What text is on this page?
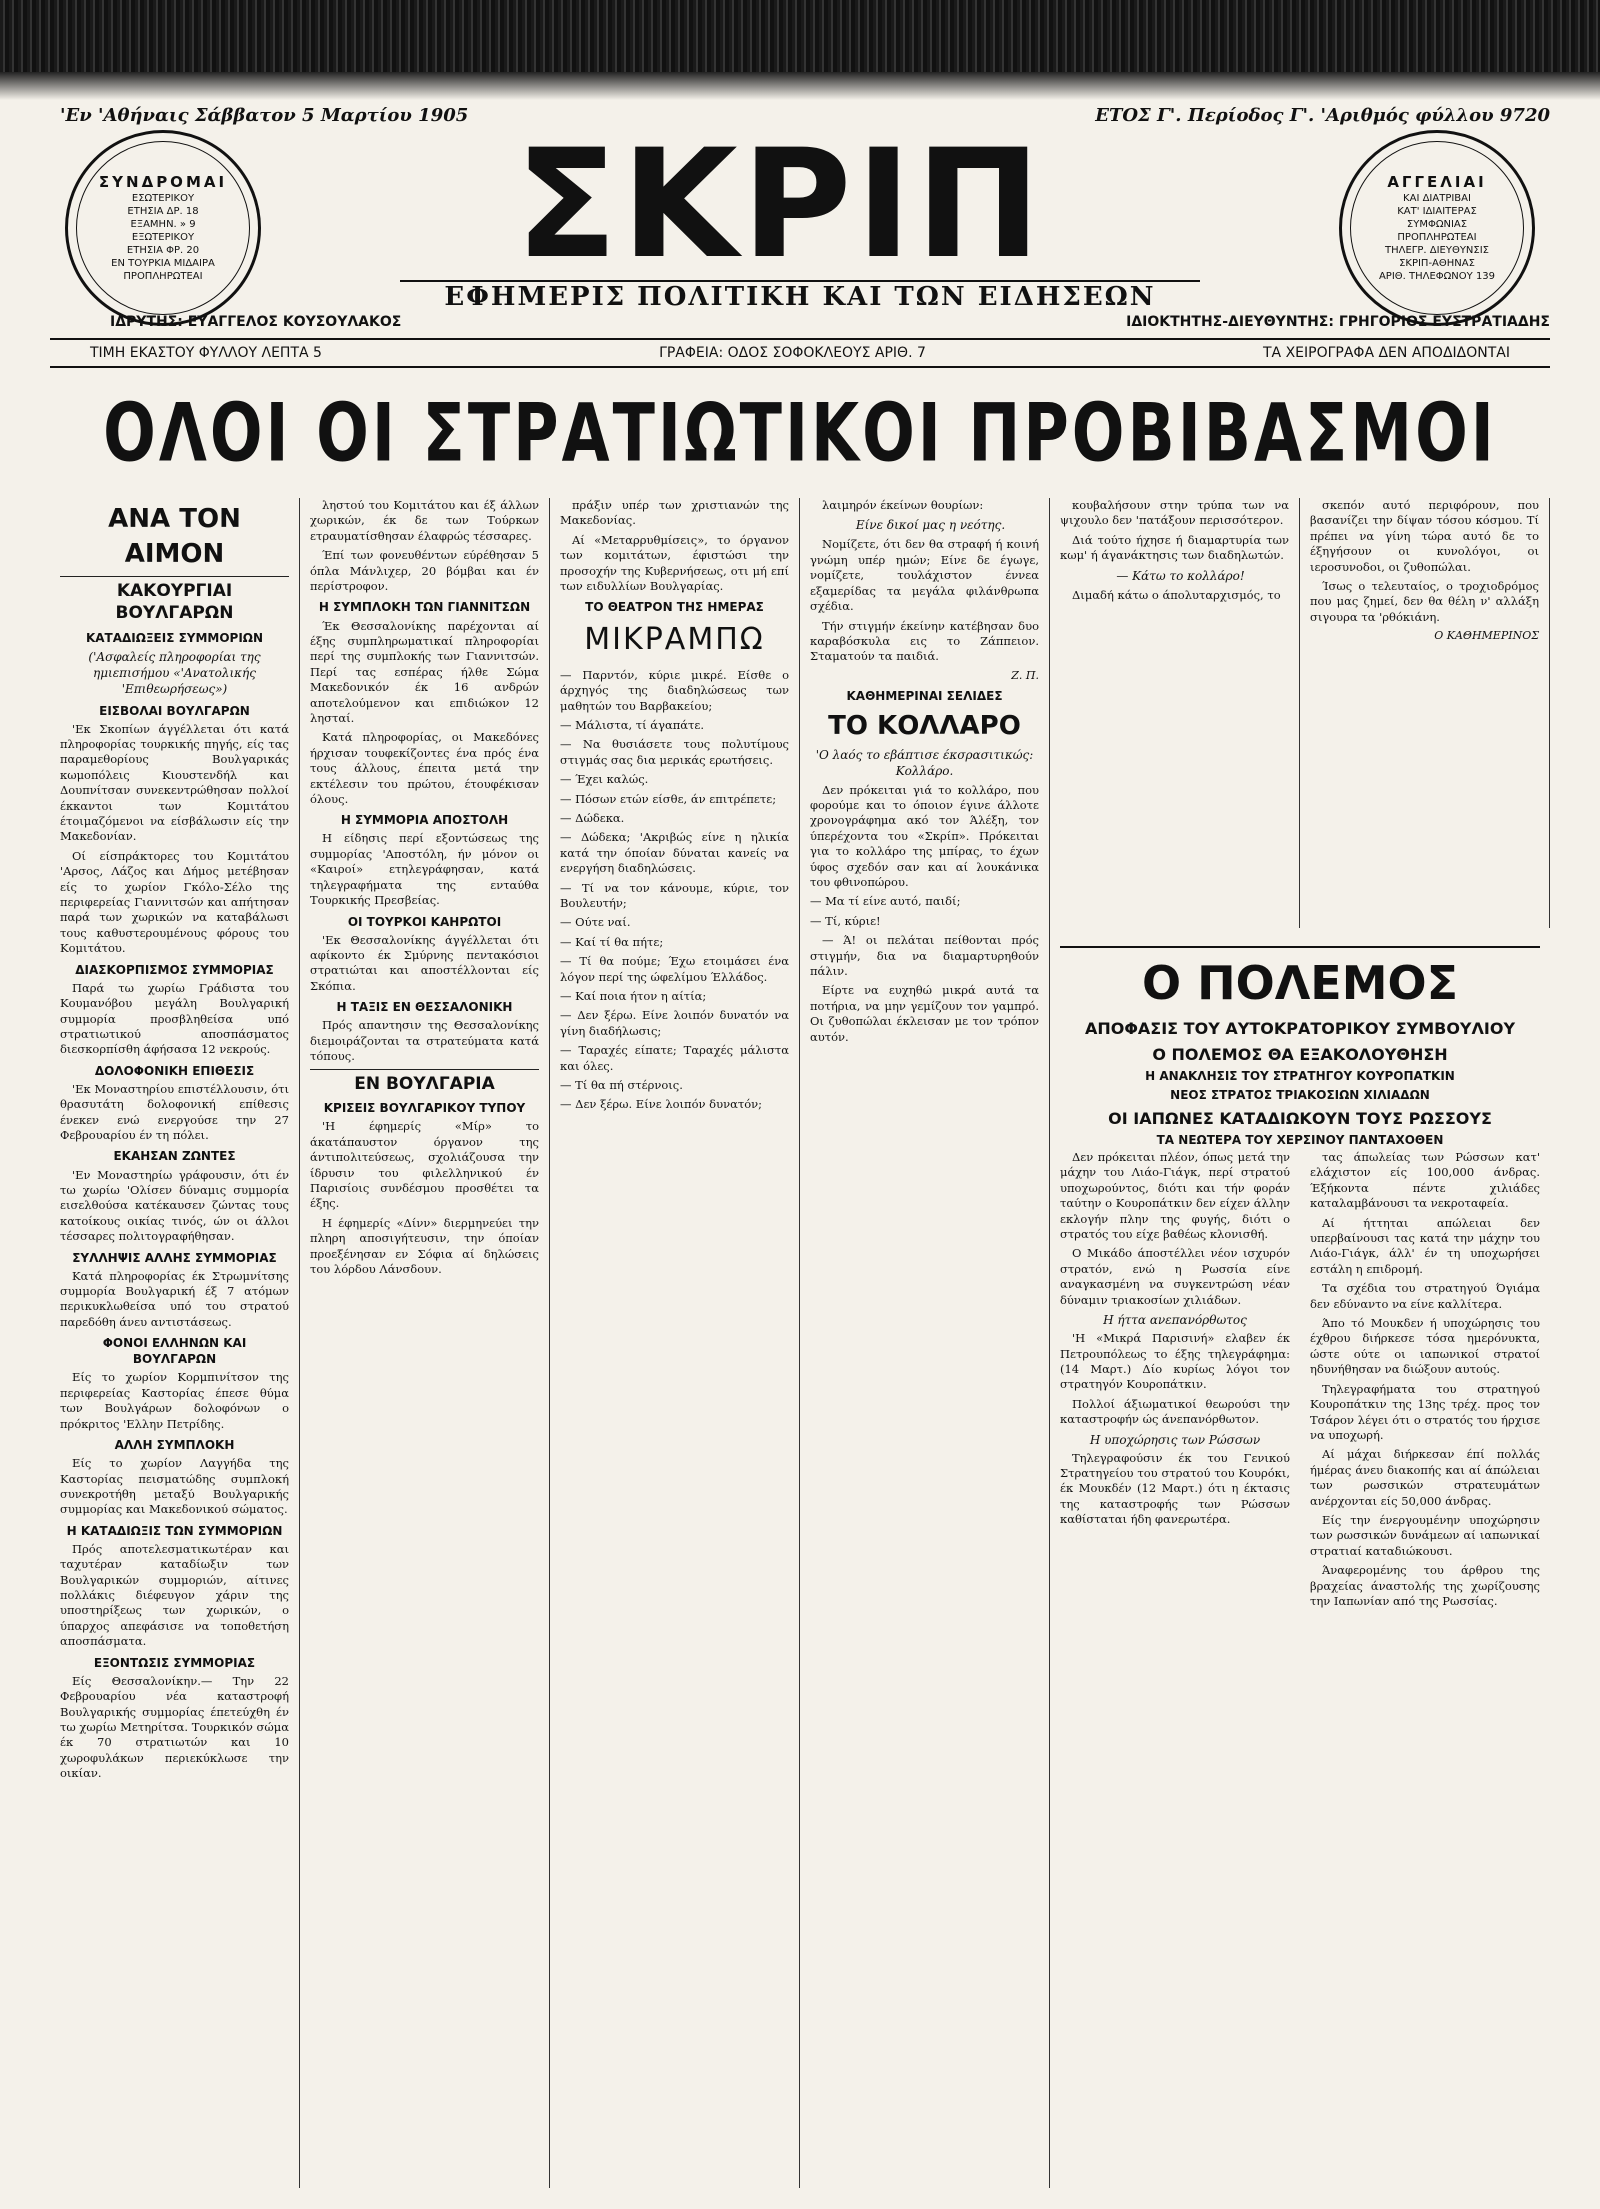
'Εν 'Αθήναις Σάββατον 5 Μαρτίου 1905	ΕΤΟΣ Γ'. Περίοδος Γ'. 'Αριθμός φύλλου 9720
ΣΥΝΔΡΟΜΑΙ
ΕΣΩΤΕΡΙΚΟΥ
ΕΤΗΣΙΑ ΔΡ. 18
ΕΞΑΜΗΝ. » 9
ΕΞΩΤΕΡΙΚΟΥ
ΕΤΗΣΙΑ ΦΡ. 20
ΕΝ ΤΟΥΡΚΙΑ ΜΙΔΑΙΡΑ
ΠΡΟΠΛΗΡΩΤΕΑΙ	ΣΚΡΙΠ
ΕΦΗΜΕΡΙΣ ΠΟΛΙΤΙΚΗ ΚΑΙ ΤΩΝ ΕΙΔΗΣΕΩΝ
ΑΓΓΕΛΙΑΙ
ΚΑΙ ΔΙΑΤΡΙΒΑΙ
ΚΑΤ' ΙΔΙΑΙΤΕΡΑΣ
ΣΥΜΦΩΝΙΑΣ
ΠΡΟΠΛΗΡΩΤΕΑΙ
ΤΗΛΕΓΡ. ΔΙΕΥΘΥΝΣΙΣ
ΣΚΡΙΠ-ΑΘΗΝΑΣ
ΑΡΙΘ. ΤΗΛΕΦΩΝΟΥ 139
ΙΔΡΥΤΗΣ: ΕΥΑΓΓΕΛΟΣ ΚΟΥΣΟΥΛΑΚΟΣ	ΙΔΙΟΚΤΗΤΗΣ-ΔΙΕΥΘΥΝΤΗΣ: ΓΡΗΓΟΡΙΟΣ ΕΥΣΤΡΑΤΙΑΔΗΣ
ΤΙΜΗ ΕΚΑΣΤΟΥ ΦΥΛΛΟΥ ΛΕΠΤΑ 5	ΓΡΑΦΕΙΑ: ΟΔΟΣ ΣΟΦΟΚΛΕΟΥΣ ΑΡΙΘ. 7	ΤΑ ΧΕΙΡΟΓΡΑΦΑ ΔΕΝ ΑΠΟΔΙΔΟΝΤΑΙ
ΟΛΟΙ ΟΙ ΣΤΡΑΤΙΩΤΙΚΟΙ ΠΡΟΒΙΒΑΣΜΟΙ
ΑΝΑ ΤΟΝ ΑΙΜΟΝ
ΚΑΚΟΥΡΓΙΑΙ ΒΟΥΛΓΑΡΩΝ
ΚΑΤΑΔΙΩΞΕΙΣ ΣΥΜΜΟΡΙΩΝ
('Ασφαλείς πληροφορίαι της ημιεπισήμου «'Ανατολικής 'Επιθεωρήσεως»)
ΕΙΣΒΟΛΑΙ ΒΟΥΛΓΑΡΩΝ

'Εκ Σκοπίων άγγέλλεται ότι κατά πληροφορίας τουρκικής πηγής, είς τας παραμεθορίους Βουλγαρικάς κωμοπόλεις Κιουστενδήλ και Δουπνίτσαν συνεκεντρώθησαν πολλοί έκκαντοι των Κομιτάτου έτοιμαζόμενοι να είσβάλωσιν είς την Μακεδονίαν.

Οί είσπράκτορες του Κομιτάτου 'Αρσος, Λάζος και Δήμος μετέβησαν είς το χωρίον Γκόλο-Σέλο της περιφερείας Γιαννιτσών και απήτησαν παρά των χωρικών να καταβάλωσι τους καθυστερουμένους φόρους του Κομιτάτου.

ΔΙΑΣΚΟΡΠΙΣΜΟΣ ΣΥΜΜΟΡΙΑΣ

Παρά τω χωρίω Γράδιστα του Κουμανόβου μεγάλη Βουλγαρική συμμορία προσβληθείσα υπό στρατιωτικού αποσπάσματος διεσκορπίσθη άφήσασα 12 νεκρούς.

ΔΟΛΟΦΟΝΙΚΗ ΕΠΙΘΕΣΙΣ

'Εκ Μοναστηρίου επιστέλλουσιν, ότι θρασυτάτη δολοφονική επίθεσις ένεκεν ενώ ενεργούσε την 27 Φεβρουαρίου έν τη πόλει.

ΕΚΑΗΣΑΝ ΖΩΝΤΕΣ

'Εν Μοναστηρίω γράφουσιν, ότι έν τω χωρίω 'Ολίσεν δύναμις συμμορία εισελθούσα κατέκαυσεν ζώντας τους κατοίκους οικίας τινός, ών οι άλλοι τέσσαρες πολιτογραφήθησαν.

ΣΥΛΛΗΨΙΣ ΑΛΛΗΣ ΣΥΜΜΟΡΙΑΣ

Κατά πληροφορίας έκ Στρωμνίτσης συμμορία Βουλγαρική έξ 7 ατόμων περικυκλωθείσα υπό του στρατού παρεδόθη άνευ αντιστάσεως.

ΦΟΝΟΙ ΕΛΛΗΝΩΝ ΚΑΙ ΒΟΥΛΓΑΡΩΝ

Είς το χωρίον Κορμπινίτσον της περιφερείας Καστορίας έπεσε θύμα των Βουλγάρων δολοφόνων ο πρόκριτος 'Ελλην Πετρίδης.

ΑΛΛΗ ΣΥΜΠΛΟΚΗ

Είς το χωρίον Λαγγήδα της Καστορίας πεισματώδης συμπλοκή συνεκροτήθη μεταξύ Βουλγαρικής συμμορίας και Μακεδονικού σώματος.

Η ΚΑΤΑΔΙΩΞΙΣ ΤΩΝ ΣΥΜΜΟΡΙΩΝ

Πρός αποτελεσματικωτέραν και ταχυτέραν καταδίωξιν των Βουλγαρικών συμμοριών, αίτινες πολλάκις διέφευγον χάριν της υποστηρίξεως των χωρικών, ο ύπαρχος απεφάσισε να τοποθετήση αποσπάσματα.

ΕΞΟΝΤΩΣΙΣ ΣΥΜΜΟΡΙΑΣ

Είς Θεσσαλονίκην.— Την 22 Φεβρουαρίου νέα καταστροφή Βουλγαρικής συμμορίας έπετεύχθη έν τω χωρίω Μετηρίτσα. Τουρκικόν σώμα έκ 70 στρατιωτών και 10 χωροφυλάκων περιεκύκλωσε την οικίαν.

ληστού του Κομιτάτου και έξ άλλων χωρικών, έκ δε των Τούρκων ετραυματίσθησαν έλαφρώς τέσσαρες.

Έπί των φονευθέντων εύρέθησαν 5 όπλα Μάνλιχερ, 20 βόμβαι και έν περίστροφον.

Η ΣΥΜΠΛΟΚΗ ΤΩΝ ΓΙΑΝΝΙΤΣΩΝ

Έκ Θεσσαλονίκης παρέχονται αί έξης συμπληρωματικαί πληροφορίαι περί της συμπλοκής των Γιαννιτσών. Περί τας εσπέρας ήλθε Σώμα Μακεδονικόν έκ 16 ανδρών αποτελούμενον και επιδιώκον 12 λησταί.

Κατά πληροφορίας, οι Μακεδόνες ήρχισαν τουφεκίζοντες ένα πρός ένα τους άλλους, έπειτα μετά την εκτέλεσιν του πρώτου, έτουφέκισαν όλους.

Η ΣΥΜΜΟΡΙΑ ΑΠΟΣΤΟΛΗ

Η είδησις περί εξοντώσεως της συμμορίας 'Αποστόλη, ήν μόνον οι «Καιροί» ετηλεγράφησαν, κατά τηλεγραφήματα της ενταύθα Τουρκικής Πρεσβείας.

ΟΙ ΤΟΥΡΚΟΙ ΚΑΗΡΩΤΟΙ

'Εκ Θεσσαλονίκης άγγέλλεται ότι αφίκοντο έκ Σμύρνης πεντακόσιοι στρατιώται και αποστέλλονται είς Σκόπια.

Η ΤΑΞΙΣ ΕΝ ΘΕΣΣΑΛΟΝΙΚΗ

Πρός απαντησιν της Θεσσαλονίκης διεμοιράζονται τα στρατεύματα κατά τόπους.

ΕΝ ΒΟΥΛΓΑΡΙΑ
ΚΡΙΣΕΙΣ ΒΟΥΛΓΑΡΙΚΟΥ ΤΥΠΟΥ

'Η έφημερίς «Μίρ» το άκατάπαυστον όργανον της άντιπολιτεύσεως, σχολιάζουσα την ίδρυσιν του φιλελληνικού έν Παρισίοις συνδέσμου προσθέτει τα έξης.

Η έφημερίς «Δίνν» διερμηνεύει την πληρη αποσιγήτευσιν, την όποίαν προεξένησαν εν Σόφια αί δηλώσεις του λόρδου Λάνσδουν.

πράξιν υπέρ των χριστιανών της Μακεδονίας.

Αί «Μεταρρυθμίσεις», το όργανον των κομιτάτων, έφιστώσι την προσοχήν της Κυβερνήσεως, οτι μή επί των ειδυλλίων Βουλγαρίας.

ΤΟ ΘΕΑΤΡΟΝ ΤΗΣ ΗΜΕΡΑΣ
ΜΙΚΡΑΜΠΩ

— Παρντόν, κύριε μικρέ. Είσθε ο άρχηγός της διαδηλώσεως των μαθητών του Βαρβακείου;

— Μάλιστα, τί άγαπάτε.

— Να θυσιάσετε τους πολυτίμους στιγμάς σας δια μερικάς ερωτήσεις.

— Έχει καλώς.

— Πόσων ετών είσθε, άν επιτρέπετε;

— Δώδεκα.

— Δώδεκα; 'Ακριβώς είνε η ηλικία κατά την όποίαν δύναται κανείς να ενεργήση διαδηλώσεις.

— Τί να τον κάνουμε, κύριε, τον Βουλευτήν;

— Ούτε ναί.

— Καί τί θα πήτε;

— Τί θα πούμε; Έχω ετοιμάσει ένα λόγον περί της ώφελίμου Έλλάδος.

— Καί ποια ήτον η αίτία;

— Δεν ξέρω. Είνε λοιπόν δυνατόν να γίνη διαδήλωσις;

— Ταραχές είπατε; Ταραχές μάλιστα και όλες.

— Τί θα πή στέρνοις.

— Δεν ξέρω. Είνε λοιπόν δυνατόν;

λαιμηρόν έκείνων θουρίων:

Είνε δικοί μας η νεότης.

Νομίζετε, ότι δεν θα στραφή ή κοινή γνώμη υπέρ ημών; Είνε δε έγωγε, νομίζετε, τουλάχιστον έννεα εξαμερίδας τα μεγάλα φιλάνθρωπα σχέδια.

Tήν στιγμήν έκείνην κατέβησαν δυο καραβόσκυλα εις το Ζάππειον. Σταματούν τα παιδιά.

Ζ. Π.
ΚΑΘΗΜΕΡΙΝΑΙ ΣΕΛΙΔΕΣ
ΤΟ ΚΟΛΛΑΡΟ
'Ο λαός το εβάπτισε έκσρασιτικώς: Κολλάρο.

Δεν πρόκειται γιά το κολλάρο, που φορούμε και το όποιον έγινε άλλοτε χρονογράφημα ακό τον Άλέξη, τον ύπερέχοντα του «Σκρίπ». Πρόκειται για το κολλάρο της μπίρας, το έχων ύφος σχεδόν σαν και αί λουκάνικα του φθινοπώρου.

— Μα τί είνε αυτό, παιδί;

— Τί, κύριε!

— Ά! οι πελάται πείθονται πρός στιγμήν, δια να διαμαρτυρηθούν πάλιν.

Είρτε να ευχηθώ μικρά αυτά τα ποτήρια, να μην γεμίζουν τον γαμπρό. Οι ζυθοπώλαι έκλεισαν με τον τρόπον αυτόν.

κουβαλήσουν στην τρύπα των να ψιχουλο δεν 'πατάξουν περισσότερον.

Διά τούτο ήχησε ή διαμαρτυρία των κωμ' ή άγανάκτησις των διαδηλωτών.

— Κάτω το κολλάρο!

Διμαδή κάτω ο άπολυταρχισμός, το

σκεπόν αυτό περιφόρουν, που βασανίζει την δίψαν τόσου κόσμου. Τί πρέπει να γίνη τώρα αυτό δε το έξηγήσουν οι κυνολόγοι, οι ιεροσυνοδοι, οι ζυθοπώλαι.

Ίσως ο τελευταίος, ο τροχιοδρόμος που μας ζημεί, δεν θα θέλη ν' αλλάξη σιγουρα τα 'ρθόκιάνη.

Ο ΚΑΘΗΜΕΡΙΝΟΣ
Ο ΠΟΛΕΜΟΣ
ΑΠΟΦΑΣΙΣ ΤΟΥ ΑΥΤΟΚΡΑΤΟΡΙΚΟΥ ΣΥΜΒΟΥΛΙΟΥ
Ο ΠΟΛΕΜΟΣ ΘΑ ΕΞΑΚΟΛΟΥΘΗΣΗ
Η ΑΝΑΚΛΗΣΙΣ ΤΟΥ ΣΤΡΑΤΗΓΟΥ ΚΟΥΡΟΠΑΤΚΙΝ
ΝΕΟΣ ΣΤΡΑΤΟΣ ΤΡΙΑΚΟΣΙΩΝ ΧΙΛΙΑΔΩΝ
ΟΙ ΙΑΠΩΝΕΣ ΚΑΤΑΔΙΩΚΟΥΝ ΤΟΥΣ ΡΩΣΣΟΥΣ
ΤΑ ΝΕΩΤΕΡΑ ΤΟΥ ΧΕΡΣΙΝΟΥ ΠΑΝΤΑΧΟΘΕΝ

Δεν πρόκειται πλέον, όπως μετά την μάχην του Λιάο-Γιάγκ, περί στρατού υποχωρούντος, διότι και τήν φοράν ταύτην ο Κουροπάτκιν δεν είχεν άλλην εκλογήν πλην της φυγής, διότι ο στρατός του είχε βαθέως κλονισθή.

Ο Μικάδο άποστέλλει νέον ισχυρόν στρατόν, ενώ η Ρωσσία είνε αναγκασμένη να συγκεντρώση νέαν δύναμιν τριακοσίων χιλιάδων.

Η ήττα ανεπανόρθωτος

'Η «Μικρά Παρισινή» ελαβεν έκ Πετρουπόλεως το έξης τηλεγράφημα: (14 Μαρτ.) Δίο κυρίως λόγοι τον στρατηγόν Κουροπάτκιν.

Πολλοί άξιωματικοί θεωρούσι την καταστροφήν ώς άνεπανόρθωτον.

Η υποχώρησις των Ρώσσων

Τηλεγραφούσιν έκ του Γενικού Στρατηγείου του στρατού του Κουρόκι, έκ Μουκδέν (12 Μαρτ.) ότι η έκτασις της καταστροφής των Ρώσσων καθίσταται ήδη φανερωτέρα.

τας άπωλείας των Ρώσσων κατ' ελάχιστον είς 100,000 άνδρας. Έξήκοντα πέντε χιλιάδες καταλαμβάνουσι τα νεκροταφεία.

Αί ήττηται απώλειαι δεν υπερβαίνουσι τας κατά την μάχην του Λιάο-Γιάγκ, άλλ' έν τη υποχωρήσει εστάλη η επιδρομή.

Τα σχέδια του στρατηγού Όγιάμα δεν εδύναντο να είνε καλλίτερα.

Άπο τό Μουκδεν ή υποχώρησις του έχθρου διήρκεσε τόσα ημερόνυκτα, ώστε ούτε οι ιαπωνικοί στρατοί ηδυνήθησαν να διώξουν αυτούς.

Τηλεγραφήματα του στρατηγού Κουροπάτκιν της 13ης τρέχ. προς τον Τσάρον λέγει ότι ο στρατός του ήρχισε να υποχωρή.

Αί μάχαι διήρκεσαν έπί πολλάς ήμέρας άνευ διακοπής και αί άπώλειαι των ρωσσικών στρατευμάτων ανέρχονται είς 50,000 άνδρας.

Είς την ένεργουμένην υποχώρησιν των ρωσσικών δυνάμεων αί ιαπωνικαί στρατιαί καταδιώκουσι.

Άναφερομένης του άρθρου της βραχείας άναστολής της χωρίζουσης την Ιαπωνίαν από της Ρωσσίας.
